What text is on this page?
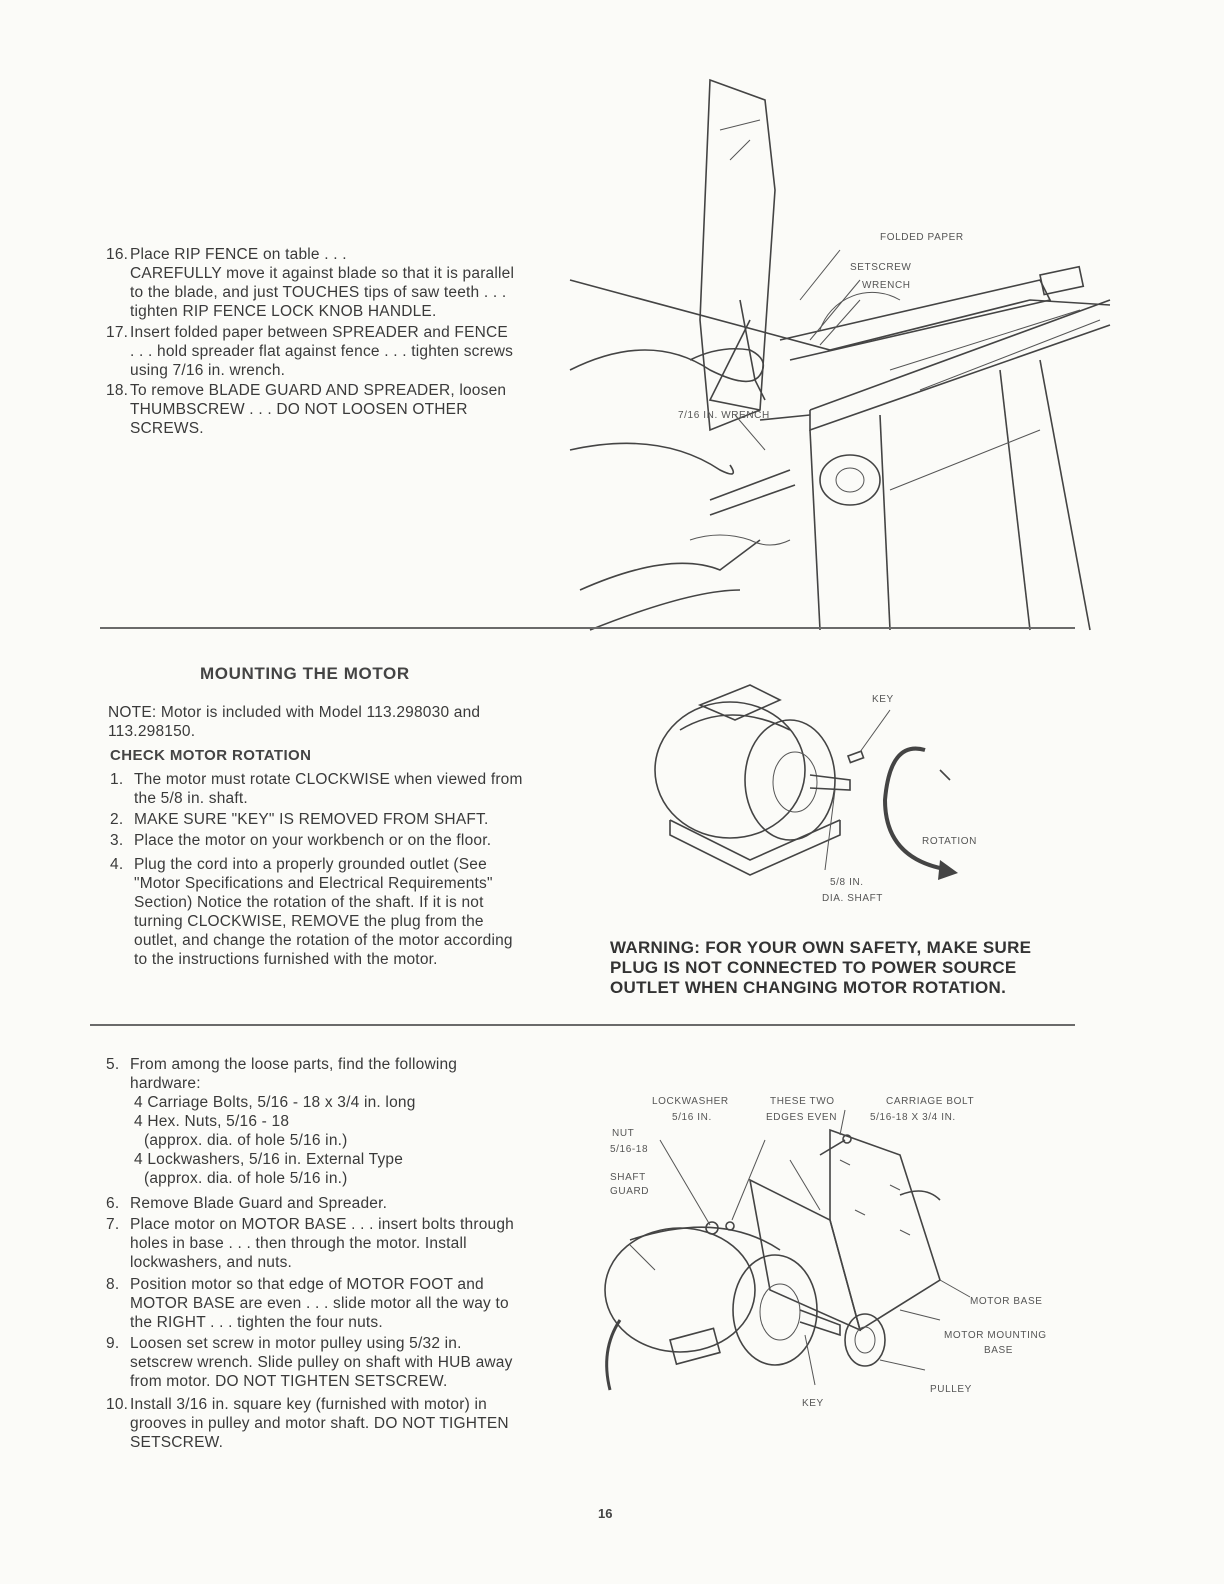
16. Place RIP FENCE on table . . .
CAREFULLY move it against blade so that it is parallel
to the blade, and just TOUCHES tips of saw teeth . . .
tighten RIP FENCE LOCK KNOB HANDLE.
17. Insert folded paper between SPREADER and FENCE
. . . hold spreader flat against fence . . . tighten screws
using 7/16 in. wrench.
18. To remove BLADE GUARD AND SPREADER, loosen
THUMBSCREW . . . DO NOT LOOSEN OTHER
SCREWS.
FOLDED PAPER
SETSCREW
WRENCH
7/16 IN. WRENCH
MOUNTING THE MOTOR
NOTE: Motor is included with Model 113.298030 and
113.298150.
CHECK MOTOR ROTATION
1. The motor must rotate CLOCKWISE when viewed from
the 5/8 in. shaft.
2. MAKE SURE "KEY" IS REMOVED FROM SHAFT.
3. Place the motor on your workbench or on the floor.
4. Plug the cord into a properly grounded outlet (See
"Motor Specifications and Electrical Requirements"
Section) Notice the rotation of the shaft. If it is not
turning CLOCKWISE, REMOVE the plug from the
outlet, and change the rotation of the motor according
to the instructions furnished with the motor.
KEY
ROTATION
5/8 IN.
DIA. SHAFT
WARNING: FOR YOUR OWN SAFETY, MAKE SURE
PLUG IS NOT CONNECTED TO POWER SOURCE
OUTLET WHEN CHANGING MOTOR ROTATION.
5. From among the loose parts, find the following
hardware:
4 Carriage Bolts, 5/16 - 18 x 3/4 in. long
4 Hex. Nuts, 5/16 - 18
(approx. dia. of hole 5/16 in.)
4 Lockwashers, 5/16 in. External Type
(approx. dia. of hole 5/16 in.)
6. Remove Blade Guard and Spreader.
7. Place motor on MOTOR BASE . . . insert bolts through
holes in base . . . then through the motor. Install
lockwashers, and nuts.
8. Position motor so that edge of MOTOR FOOT and
MOTOR BASE are even . . . slide motor all the way to
the RIGHT . . . tighten the four nuts.
9. Loosen set screw in motor pulley using 5/32 in.
setscrew wrench. Slide pulley on shaft with HUB away
from motor. DO NOT TIGHTEN SETSCREW.
10. Install 3/16 in. square key (furnished with motor) in
grooves in pulley and motor shaft. DO NOT TIGHTEN
SETSCREW.
LOCKWASHER
5/16 IN.
THESE TWO
EDGES EVEN
CARRIAGE BOLT
5/16-18 X 3/4 IN.
NUT
5/16-18
SHAFT
GUARD
MOTOR BASE
MOTOR MOUNTING
BASE
PULLEY
KEY
16
